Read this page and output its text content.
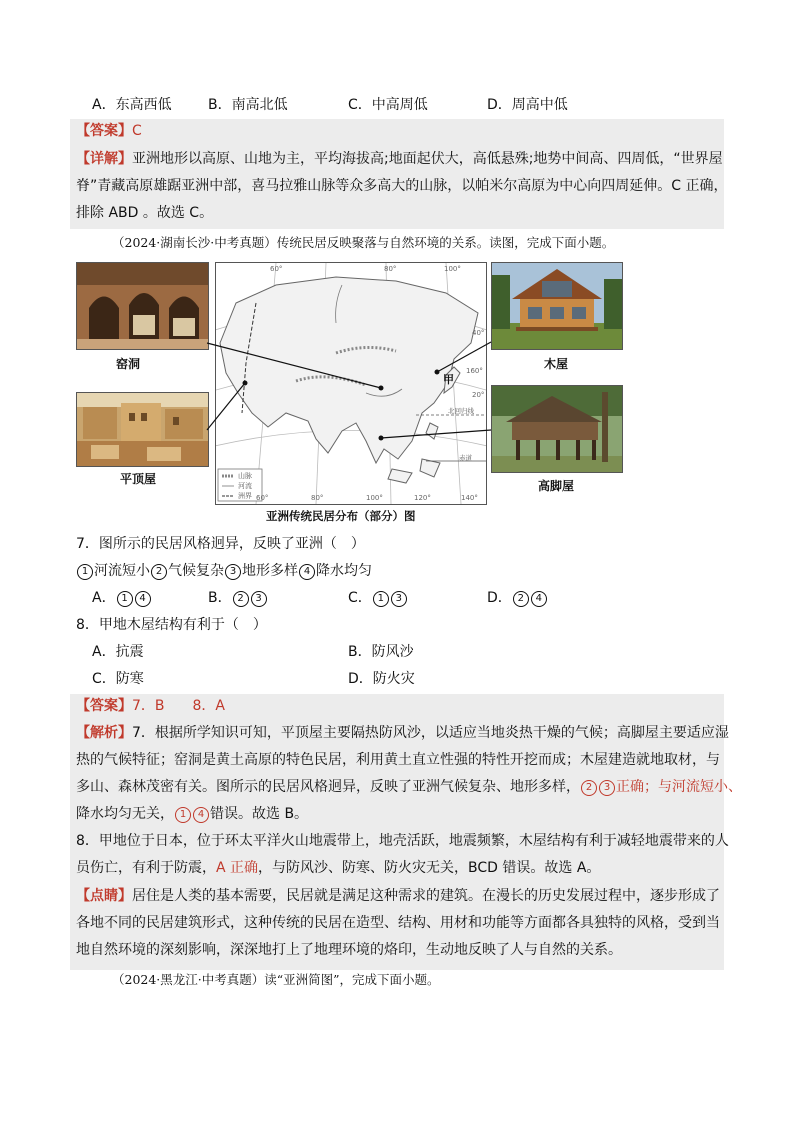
A．东高西低	B．南高北低	C．中高周低	D．周高中低
【答案】C
【详解】亚洲地形以高原、山地为主，平均海拔高;地面起伏大，高低悬殊;地势中间高、四周低，“世界屋
脊”青藏高原雄踞亚洲中部，喜马拉雅山脉等众多高大的山脉，以帕米尔高原为中心向四周延伸。C 正确，
排除 ABD 。故选 C。
（2024·湖南长沙·中考真题）传统民居反映聚落与自然环境的关系。读图，完成下面小题。
窑洞
平顶屋
木屋
高脚屋
山脉
河流
洲界
60°	80°	100°
60°	80°	100°	120°	140°
40°
160°
北回归线
20°
赤道
甲
亚洲传统民居分布（部分）图
7．图所示的民居风格迥异，反映了亚洲（　）
1 河流短小 2 气候复杂 3 地形多样 4 降水均匀
A． 1 4	B． 2 3	C． 1 3	D． 2 4
8．甲地木屋结构有利于（　）
A．抗震	B．防风沙
C．防寒	D．防火灾
【答案】7．B　　8．A
【解析】7．根据所学知识可知，平顶屋主要隔热防风沙，以适应当地炎热干燥的气候；高脚屋主要适应湿
热的气候特征；窑洞是黄土高原的特色民居，利用黄土直立性强的特性开挖而成；木屋建造就地取材，与
多山、森林茂密有关。图所示的民居风格迥异，反映了亚洲气候复杂、地形多样， 2 3 正确；与河流短小、
降水均匀无关， 1 4 错误。故选 B。
8．甲地位于日本，位于环太平洋火山地震带上，地壳活跃，地震频繁，木屋结构有利于减轻地震带来的人
员伤亡，有利于防震，A 正确，与防风沙、防寒、防火灾无关，BCD 错误。故选 A。
【点睛】居住是人类的基本需要，民居就是满足这种需求的建筑。在漫长的历史发展过程中，逐步形成了
各地不同的民居建筑形式，这种传统的民居在造型、结构、用材和功能等方面都各具独特的风格，受到当
地自然环境的深刻影响，深深地打上了地理环境的烙印，生动地反映了人与自然的关系。
（2024·黑龙江·中考真题）读“亚洲简图”，完成下面小题。
